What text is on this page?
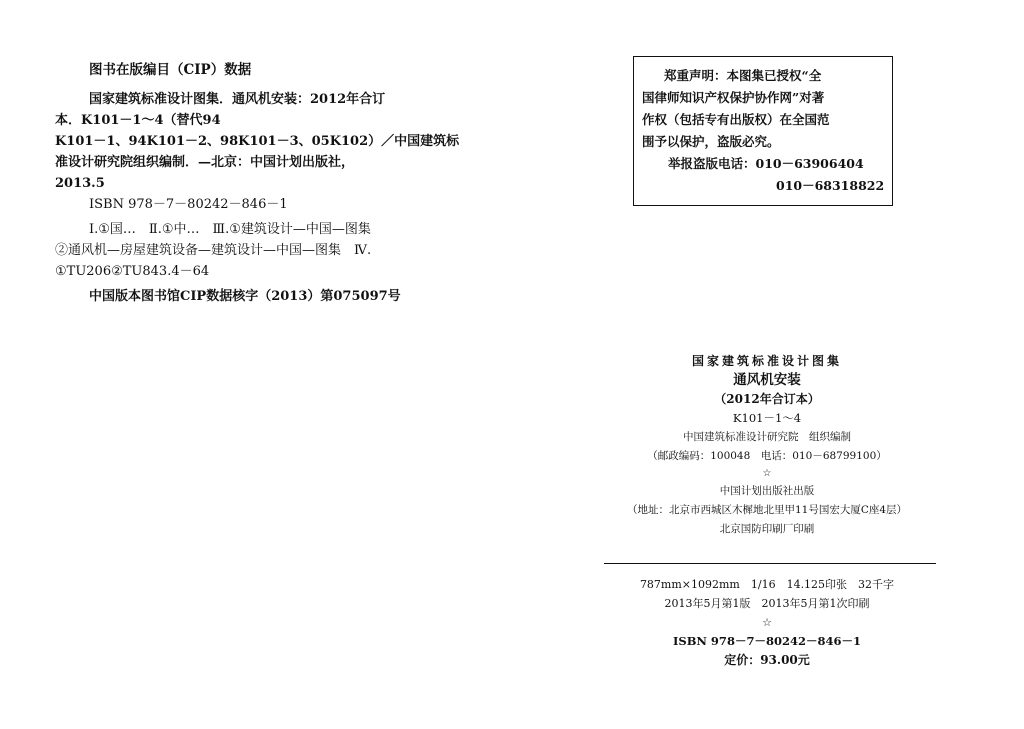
图书在版编目（CIP）数据

国家建筑标准设计图集．通风机安装：2012年合订

本．K101－1～4（替代94

K101－1、94K101－2、98K101－3、05K102）／中国建筑标

准设计研究院组织编制．—北京：中国计划出版社，

2013.5

ISBN 978－7－80242－846－1

Ⅰ.①国…　Ⅱ.①中…　Ⅲ.①建筑设计—中国—图集

②通风机—房屋建筑设备—建筑设计—中国—图集　Ⅳ.

①TU206②TU843.4－64

中国版本图书馆CIP数据核字（2013）第075097号

郑重声明：本图集已授权“全

国律师知识产权保护协作网”对著

作权（包括专有出版权）在全国范

围予以保护，盗版必究。

举报盗版电话：010－63906404

010－68318822

国家建筑标准设计图集

通风机安装

（2012年合订本）

K101－1～4

中国建筑标准设计研究院　组织编制

（邮政编码：100048　电话：010－68799100）

☆

中国计划出版社出版

（地址：北京市西城区木樨地北里甲11号国宏大厦C座4层）

北京国防印刷厂印刷

787mm×1092mm　1/16　14.125印张　32千字

2013年5月第1版　2013年5月第1次印刷

☆

ISBN 978－7－80242－846－1

定价：93.00元
